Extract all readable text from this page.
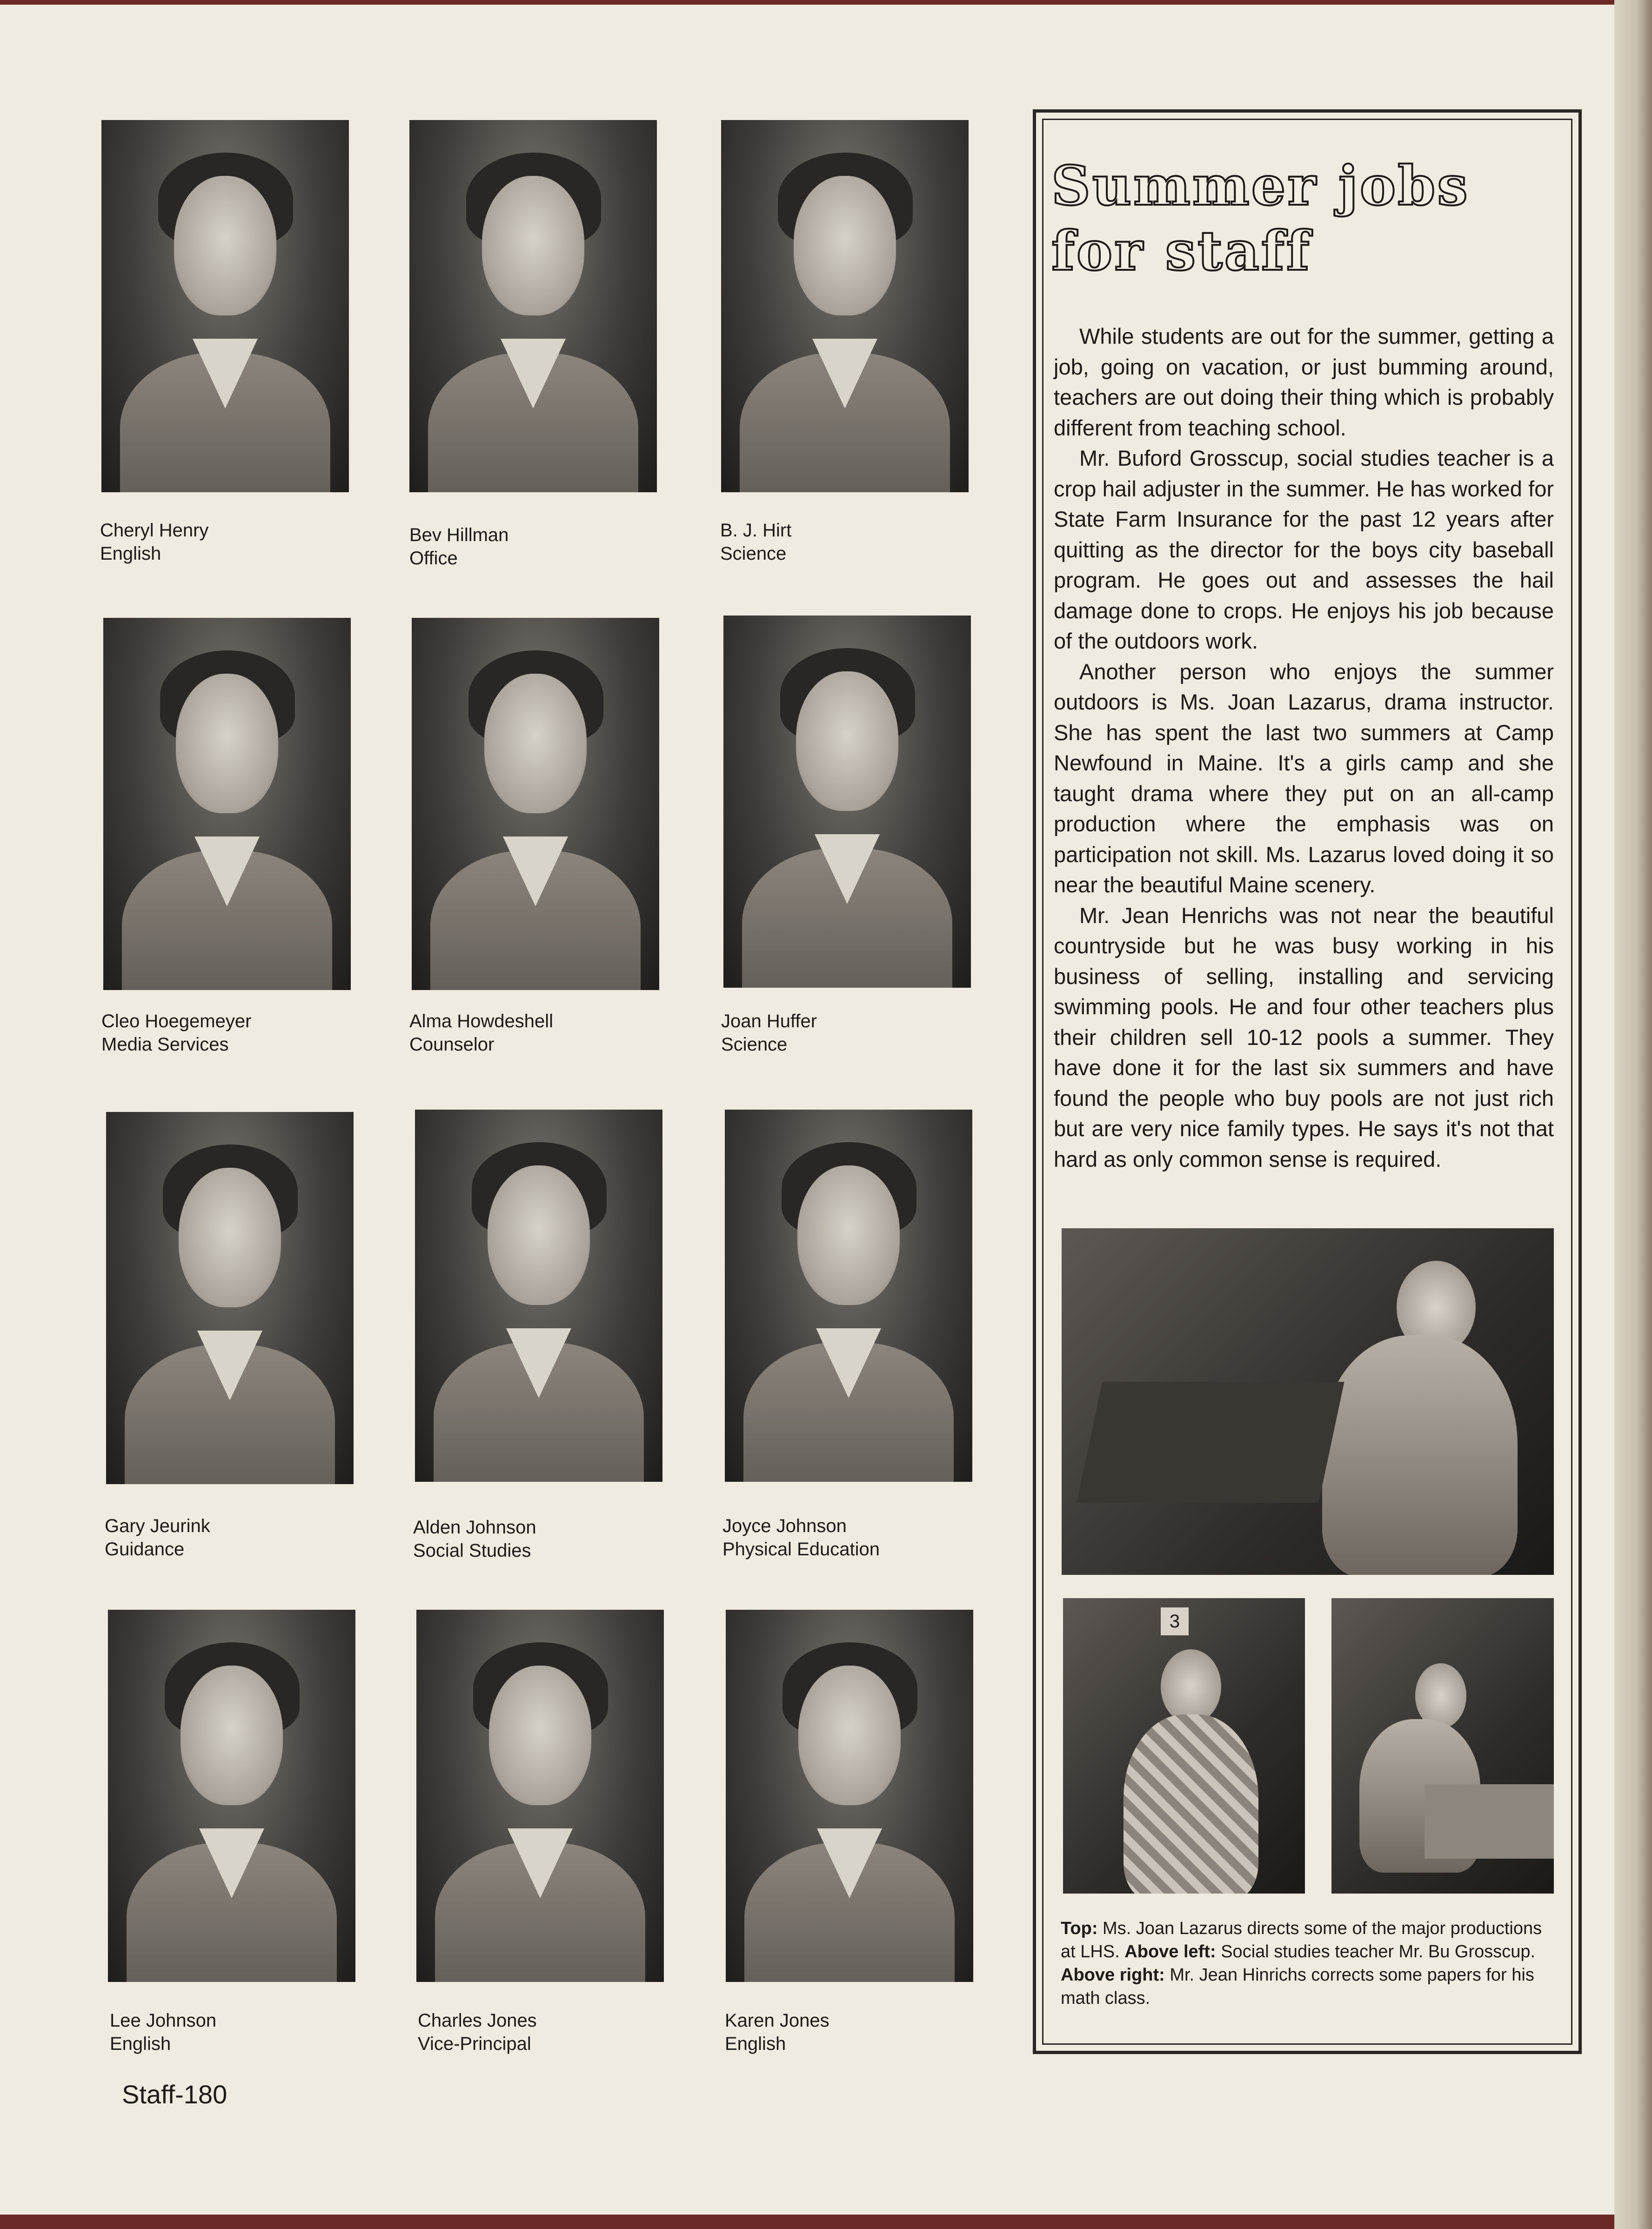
Cheryl Henry
English
Bev Hillman
Office
B. J. Hirt
Science
Cleo Hoegemeyer
Media Services
Alma Howdeshell
Counselor
Joan Huffer
Science
Gary Jeurink
Guidance
Alden Johnson
Social Studies
Joyce Johnson
Physical Education
Lee Johnson
English
Charles Jones
Vice-Principal
Karen Jones
English
Staff-180
Summer jobs
for staff

While students are out for the summer, getting a job, going on vacation, or just bumming around, teachers are out doing their thing which is probably different from teaching school.

Mr. Buford Grosscup, social studies teacher is a crop hail adjuster in the summer. He has worked for State Farm Insurance for the past 12 years after quitting as the director for the boys city baseball program. He goes out and assesses the hail damage done to crops. He enjoys his job because of the outdoors work.

Another person who enjoys the summer outdoors is Ms. Joan Lazarus, drama instructor. She has spent the last two summers at Camp Newfound in Maine. It's a girls camp and she taught drama where they put on an all-camp production where the emphasis was on participation not skill. Ms. Lazarus loved doing it so near the beautiful Maine scenery.

Mr. Jean Henrichs was not near the beautiful countryside but he was busy working in his business of selling, installing and servicing swimming pools. He and four other teachers plus their children sell 10-12 pools a summer. They have done it for the last six summers and have found the people who buy pools are not just rich but are very nice family types. He says it's not that hard as only common sense is required.

3
Top: Ms. Joan Lazarus directs some of the major productions at LHS. Above left: Social studies teacher Mr. Bu Grosscup. Above right: Mr. Jean Hinrichs corrects some papers for his math class.
